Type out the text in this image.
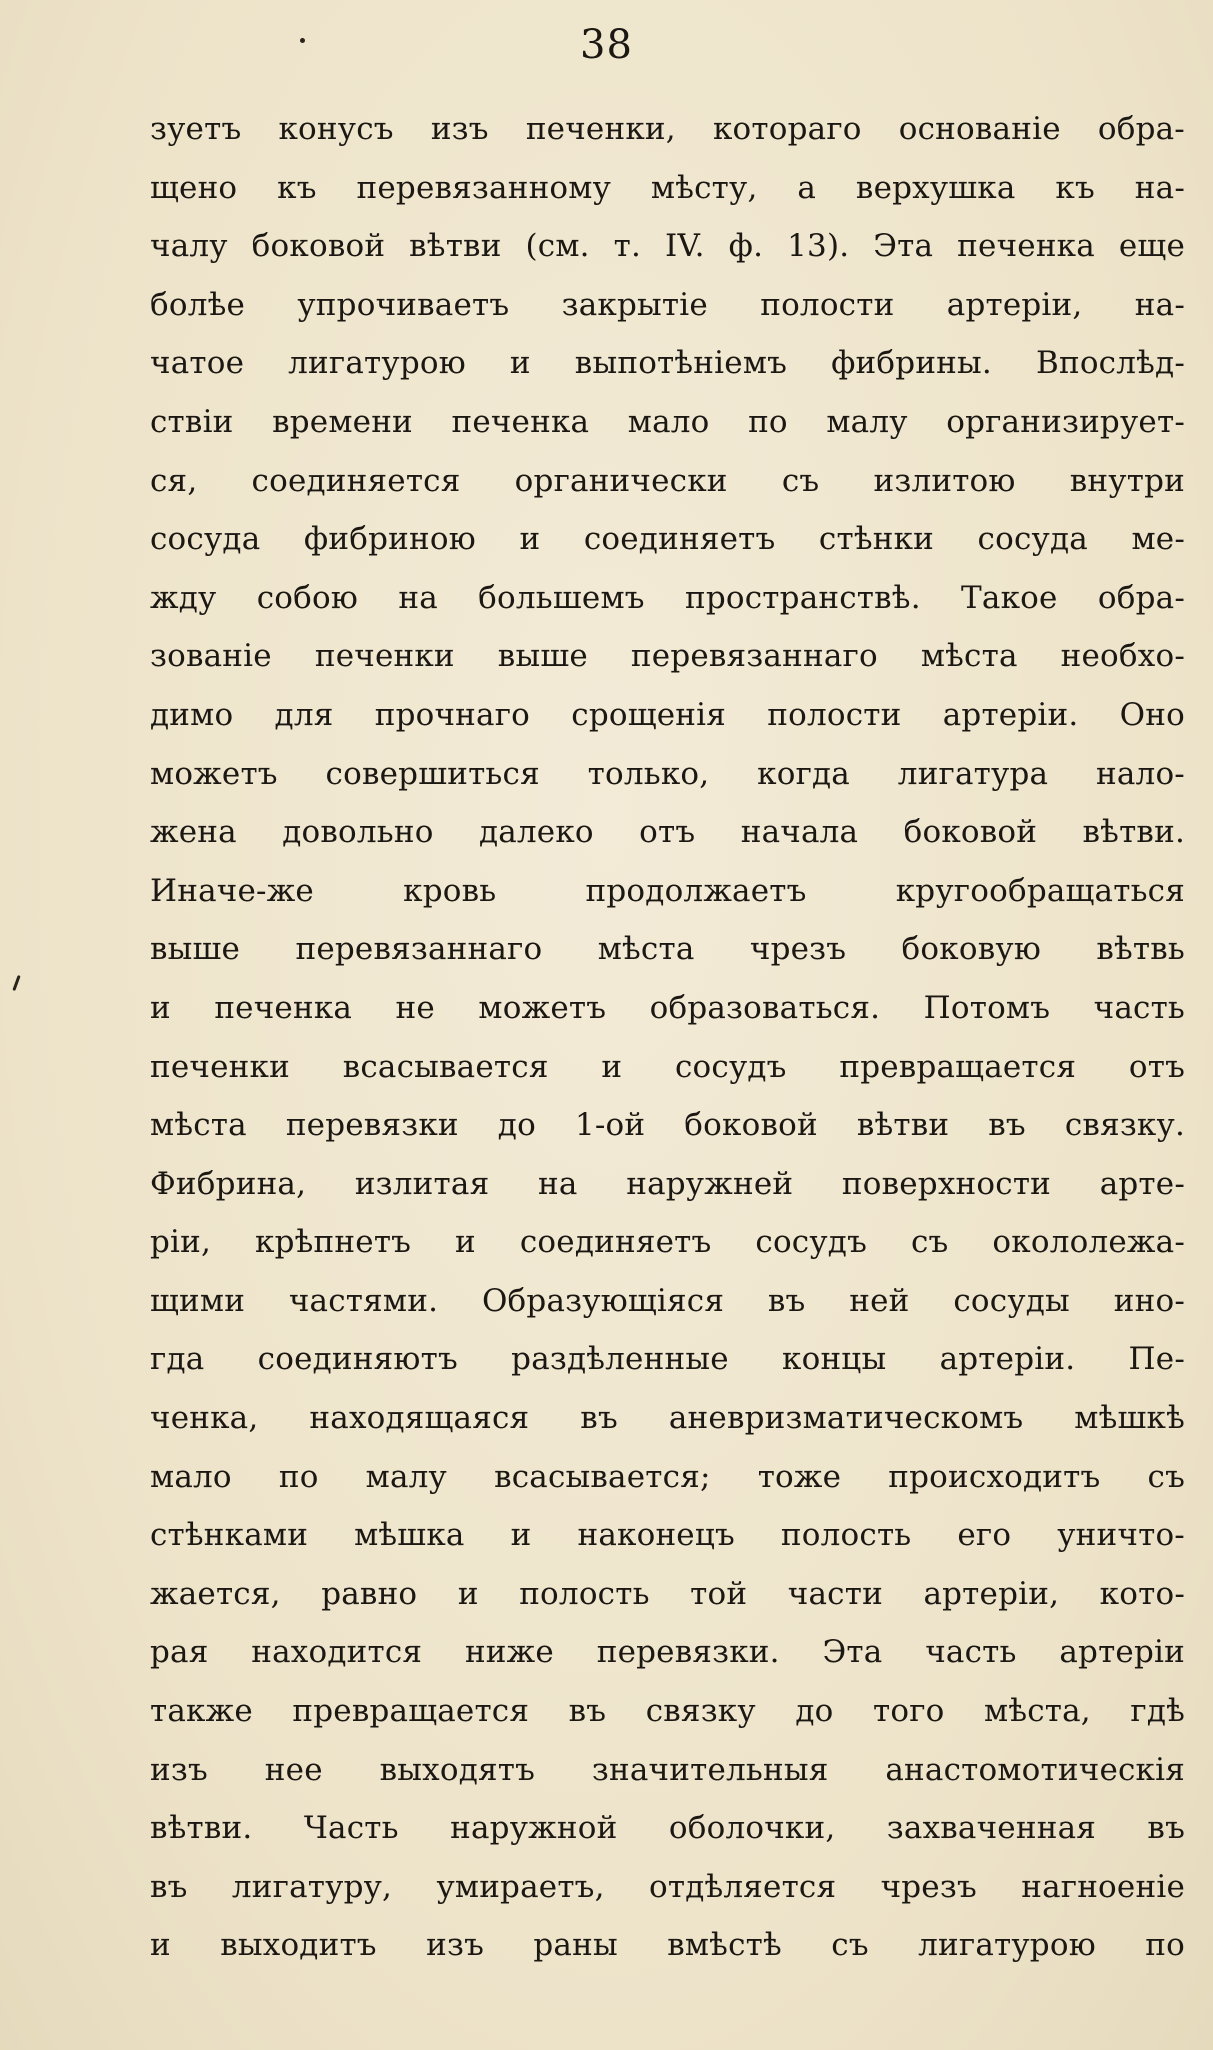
38
зуетъ конусъ изъ печенки, котораго основаніе обра-
щено къ перевязанному мѣсту, а верхушка къ на-
чалу боковой вѣтви (см. т. IV. ф. 13). Эта печенка еще
болѣе упрочиваетъ закрытіе полости артеріи, на-
чатое лигатурою и выпотѣніемъ фибрины. Впослѣд-
ствіи времени печенка мало по малу организирует-
ся, соединяется органически съ излитою внутри
сосуда фибриною и соединяетъ стѣнки сосуда ме-
жду собою на большемъ пространствѣ. Такое обра-
зованіе печенки выше перевязаннаго мѣста необхо-
димо для прочнаго срощенія полости артеріи. Оно
можетъ совершиться только, когда лигатура нало-
жена довольно далеко отъ начала боковой вѣтви.
Иначе-же кровь продолжаетъ кругообращаться
выше перевязаннаго мѣста чрезъ боковую вѣтвь
и печенка не можетъ образоваться. Потомъ часть
печенки всасывается и сосудъ превращается отъ
мѣста перевязки до 1-ой боковой вѣтви въ связку.
Фибрина, излитая на наружней поверхности арте-
ріи, крѣпнетъ и соединяетъ сосудъ съ окололежа-
щими частями. Образующіяся въ ней сосуды ино-
гда соединяютъ раздѣленные концы артеріи. Пе-
ченка, находящаяся въ аневризматическомъ мѣшкѣ
мало по малу всасывается; тоже происходитъ съ
стѣнками мѣшка и наконецъ полость его уничто-
жается, равно и полость той части артеріи, кото-
рая находится ниже перевязки. Эта часть артеріи
также превращается въ связку до того мѣста, гдѣ
изъ нее выходятъ значительныя анастомотическія
вѣтви. Часть наружной оболочки, захваченная въ
въ лигатуру, умираетъ, отдѣляется чрезъ нагноеніе
и выходитъ изъ раны вмѣстѣ съ лигатурою по
